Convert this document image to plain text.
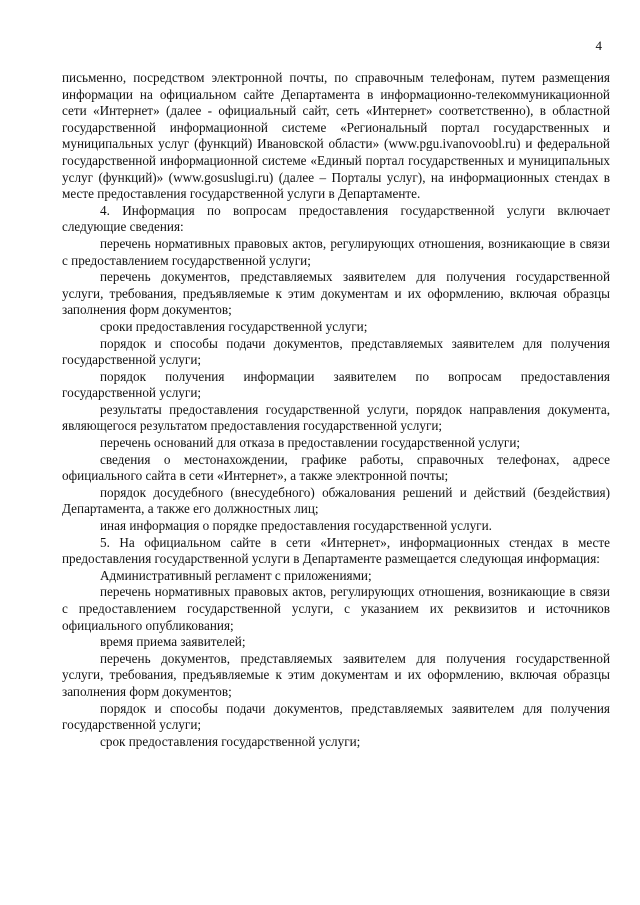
4

письменно, посредством электронной почты, по справочным телефонам, путем размещения информации на официальном сайте Департамента в информационно-телекоммуникационной сети «Интернет» (далее - официальный сайт, сеть «Интернет» соответственно), в областной государственной информационной системе «Региональный портал государственных и муниципальных услуг (функций) Ивановской области» (www.pgu.ivanovoobl.ru) и федеральной государственной информационной системе «Единый портал государственных и муниципальных услуг (функций)» (www.gosuslugi.ru) (далее – Порталы услуг), на информационных стендах в месте предоставления государственной услуги в Департаменте.

4. Информация по вопросам предоставления государственной услуги включает следующие сведения:

перечень нормативных правовых актов, регулирующих отношения, возникающие в связи с предоставлением государственной услуги;

перечень документов, представляемых заявителем для получения государственной услуги, требования, предъявляемые к этим документам и их оформлению, включая образцы заполнения форм документов;

сроки предоставления государственной услуги;

порядок и способы подачи документов, представляемых заявителем для получения государственной услуги;

порядок получения информации заявителем по вопросам предоставления государственной услуги;

результаты предоставления государственной услуги, порядок направления документа, являющегося результатом предоставления государственной услуги;

перечень оснований для отказа в предоставлении государственной услуги;

сведения о местонахождении, графике работы, справочных телефонах, адресе официального сайта в сети «Интернет», а также электронной почты;

порядок досудебного (внесудебного) обжалования решений и действий (бездействия) Департамента, а также его должностных лиц;

иная информация о порядке предоставления государственной услуги.

5. На официальном сайте в сети «Интернет», информационных стендах в месте предоставления государственной услуги в Департаменте размещается следующая информация:

Административный регламент с приложениями;

перечень нормативных правовых актов, регулирующих отношения, возникающие в связи с предоставлением государственной услуги, с указанием их реквизитов и источников официального опубликования;

время приема заявителей;

перечень документов, представляемых заявителем для получения государственной услуги, требования, предъявляемые к этим документам и их оформлению, включая образцы заполнения форм документов;

порядок и способы подачи документов, представляемых заявителем для получения государственной услуги;

срок предоставления государственной услуги;
